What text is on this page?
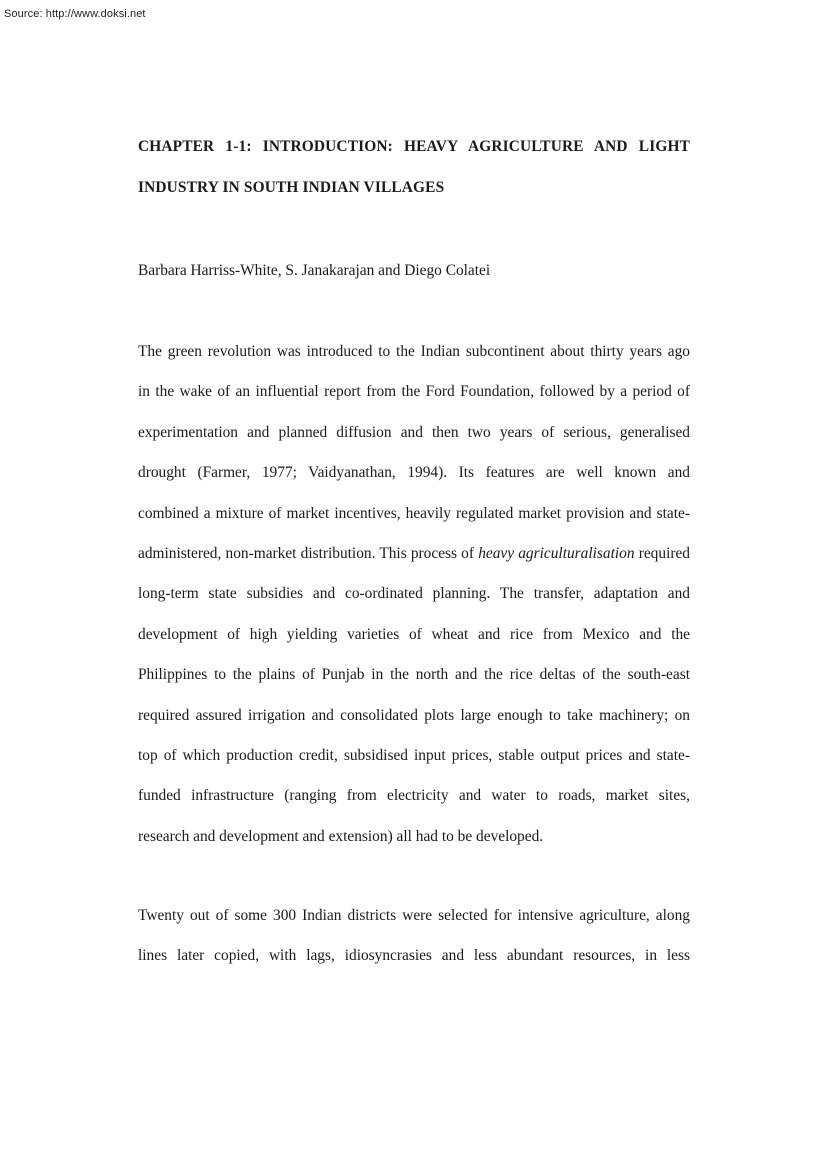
Source: http://www.doksi.net
CHAPTER 1-1: INTRODUCTION: HEAVY AGRICULTURE AND LIGHT
INDUSTRY IN SOUTH INDIAN VILLAGES

Barbara Harriss-White, S. Janakarajan and Diego Colatei

The green revolution was introduced to the Indian subcontinent about thirty years ago
in the wake of an influential report from the Ford Foundation, followed by a period of
experimentation and planned diffusion and then two years of serious, generalised
drought (Farmer, 1977; Vaidyanathan, 1994). Its features are well known and
combined a mixture of market incentives, heavily regulated market provision and state-
administered, non-market distribution. This process of heavy agriculturalisation required
long-term state subsidies and co-ordinated planning. The transfer, adaptation and
development of high yielding varieties of wheat and rice from Mexico and the
Philippines to the plains of Punjab in the north and the rice deltas of the south-east
required assured irrigation and consolidated plots large enough to take machinery; on
top of which production credit, subsidised input prices, stable output prices and state-
funded infrastructure (ranging from electricity and water to roads, market sites,
research and development and extension) all had to be developed.

Twenty out of some 300 Indian districts were selected for intensive agriculture, along
lines later copied, with lags, idiosyncrasies and less abundant resources, in less
